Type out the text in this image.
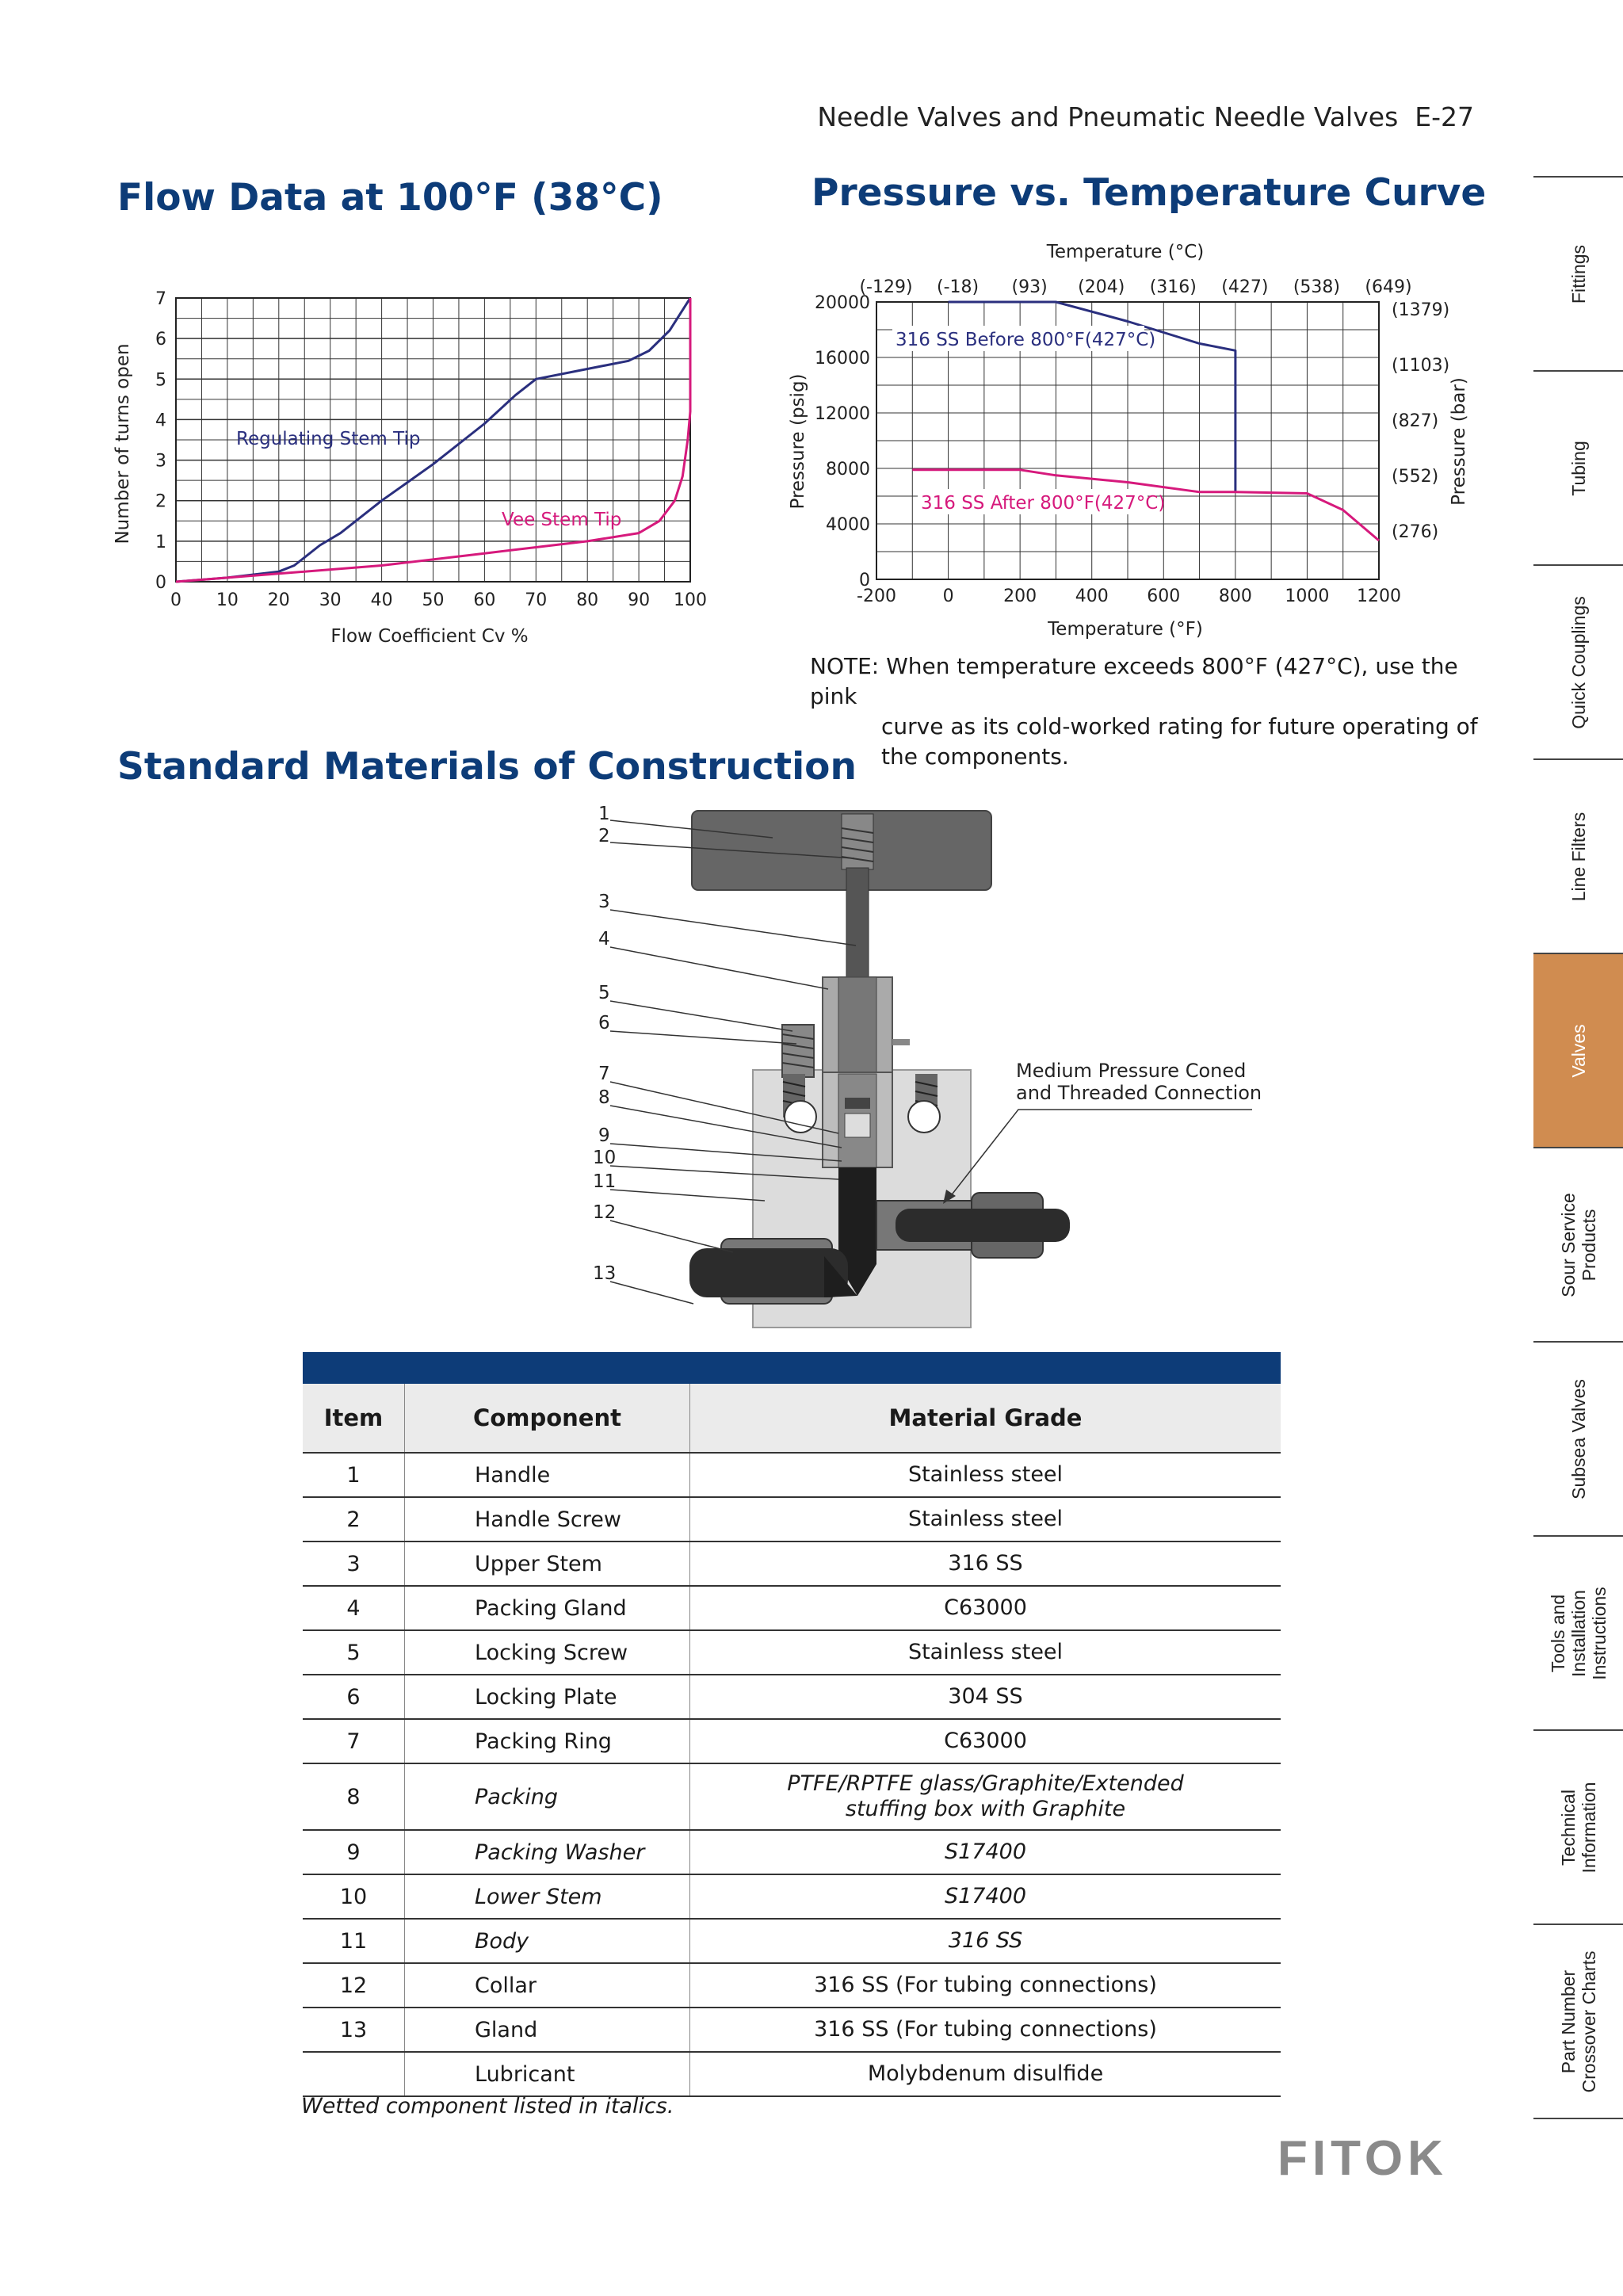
Needle Valves and Pneumatic Needle Valves E-27
Flow Data at 100°F (38°C)	Pressure vs. Temperature Curve
Standard Materials of Construction
0 10 20 30 40 50 60 70 80 90 100
0
1
2
3
4
5
6
7
Flow Coefficient Cv %
Number of turns open	Regulating Stem Tip
Vee Stem Tip
-200	0	200 400 600 800 1000 1200
(-129) (-18) (93) (204) (316) (427) (538) (649)
0
4000
8000
12000
16000
20000
(276)
(552)
(827)
(1103)
(1379)
Temperature (°C)
Temperature (°F)
Pressure (psig)	Pressure (bar)
316 SS Before 800°F(427°C)
316 SS After 800°F(427°C)
NOTE: When temperature exceeds 800°F (427°C), use the pink
curve as its cold-worked rating for future operating of
the components.
1
2
3
4
5
6
7
8
9
10
11
12
13
Medium Pressure Coned
and Threaded Connection
Item	Component	Material Grade
1	Handle	Stainless steel
2	Handle Screw	Stainless steel
3	Upper Stem	316 SS
4	Packing Gland	C63000
5	Locking Screw	Stainless steel
6	Locking Plate	304 SS
7	Packing Ring	C63000
8	Packing
PTFE/RPTFE glass/Graphite/Extended
stuffing box with Graphite
9	Packing Washer	S17400
10	Lower Stem	S17400
11	Body	316 SS
12	Collar	316 SS (For tubing connections)
13	Gland	316 SS (For tubing connections)
Lubricant	Molybdenum disulfide
Wetted component listed in italics.
Fittings
Tubing
Quick Couplings
Line Filters
Valves
Sour Service
Products
Subsea Valves
Tools and
Installation
Instructions
Technical
Information
Part Number
Crossover Charts
FITOK
